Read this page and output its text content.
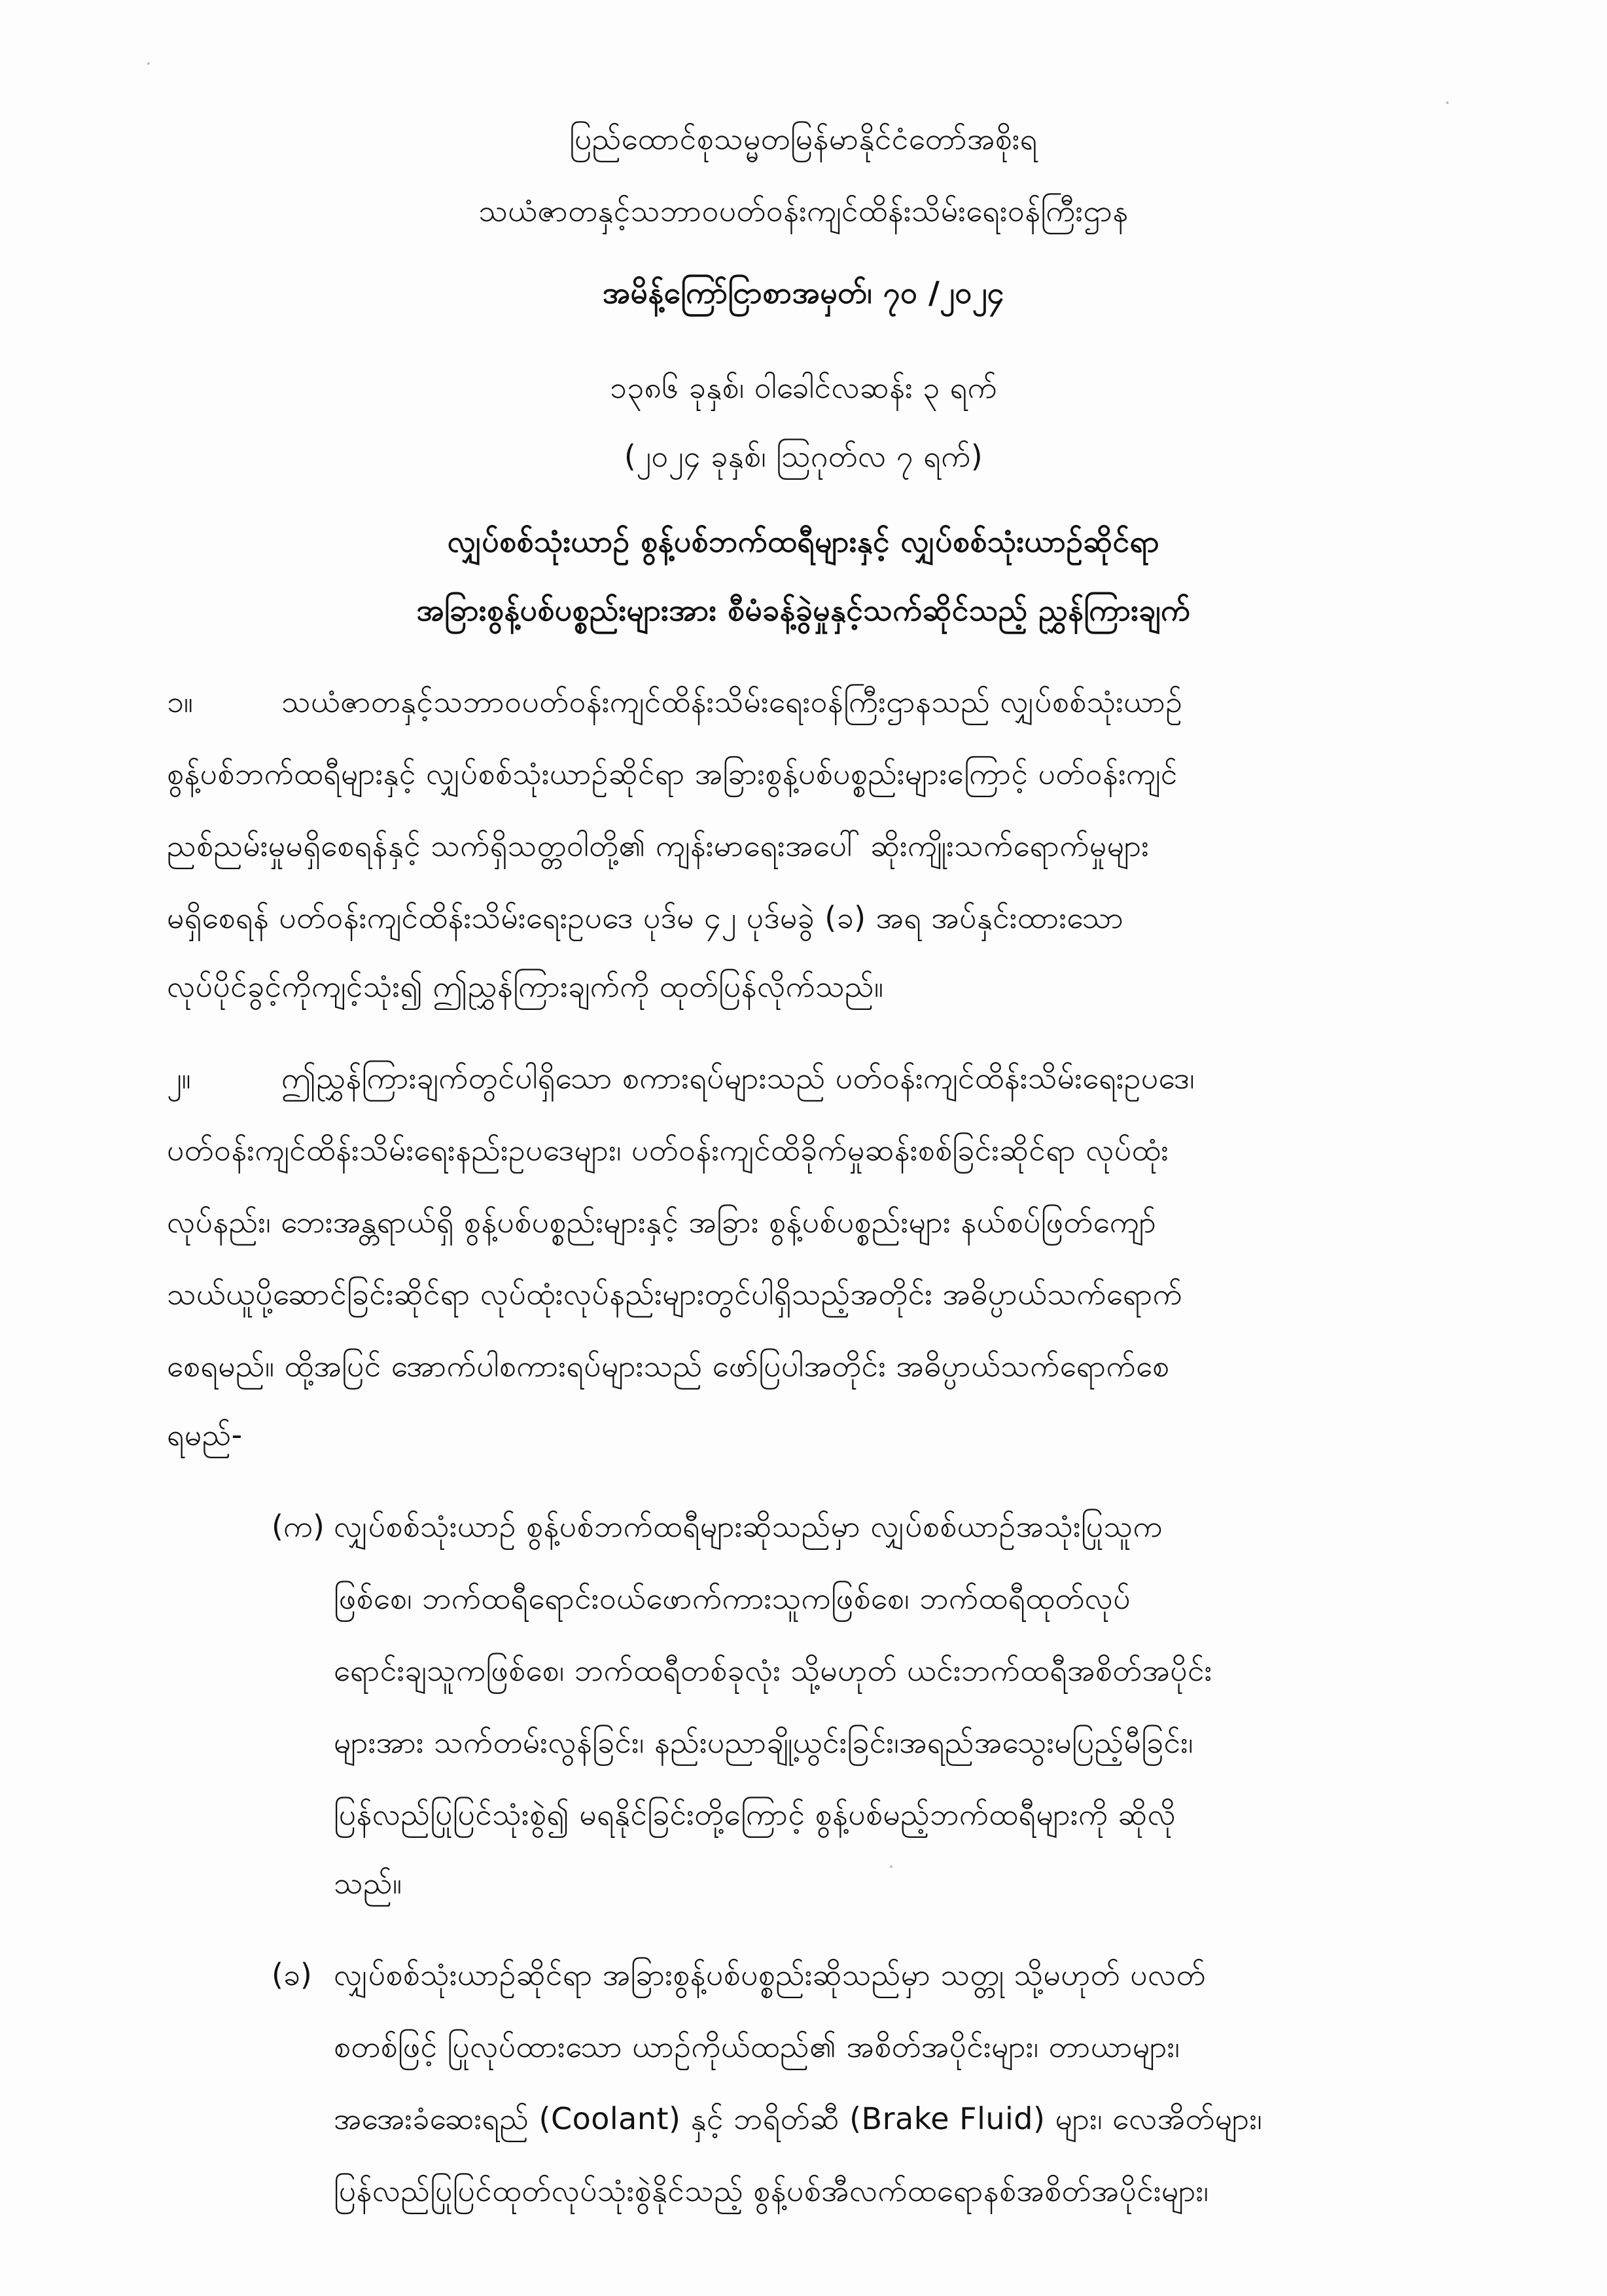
ပြည်ထောင်စုသမ္မတမြန်မာနိုင်ငံတော်အစိုးရ
သယံဇာတနှင့်သဘာဝပတ်ဝန်းကျင်ထိန်းသိမ်းရေးဝန်ကြီးဌာန
အမိန့်ကြော်ငြာစာအမှတ်၊ ၇၀ /၂၀၂၄
၁၃၈၆ ခုနှစ်၊ ဝါခေါင်လဆန်း ၃ ရက်
(၂၀၂၄ ခုနှစ်၊ ဩဂုတ်လ ၇ ရက်)
လျှပ်စစ်သုံးယာဉ် စွန့်ပစ်ဘက်ထရီများနှင့် လျှပ်စစ်သုံးယာဉ်ဆိုင်ရာ
အခြားစွန့်ပစ်ပစ္စည်းများအား စီမံခန့်ခွဲမှုနှင့်သက်ဆိုင်သည့် ညွှန်ကြားချက်
၁။	သယံဇာတနှင့်သဘာဝပတ်ဝန်းကျင်ထိန်းသိမ်းရေးဝန်ကြီးဌာနသည် လျှပ်စစ်သုံးယာဉ်
စွန့်ပစ်ဘက်ထရီများနှင့် လျှပ်စစ်သုံးယာဉ်ဆိုင်ရာ အခြားစွန့်ပစ်ပစ္စည်းများကြောင့် ပတ်ဝန်းကျင်
ညစ်ညမ်းမှုမရှိစေရန်နှင့် သက်ရှိသတ္တဝါတို့၏ ကျန်းမာရေးအပေါ် ဆိုးကျိုးသက်ရောက်မှုများ
မရှိစေရန် ပတ်ဝန်းကျင်ထိန်းသိမ်းရေးဥပဒေ ပုဒ်မ ၄၂ ပုဒ်မခွဲ (ခ) အရ အပ်နှင်းထားသော
လုပ်ပိုင်ခွင့်ကိုကျင့်သုံး၍ ဤညွှန်ကြားချက်ကို ထုတ်ပြန်လိုက်သည်။
၂။	ဤညွှန်ကြားချက်တွင်ပါရှိသော စကားရပ်များသည် ပတ်ဝန်းကျင်ထိန်းသိမ်းရေးဥပဒေ၊
ပတ်ဝန်းကျင်ထိန်းသိမ်းရေးနည်းဥပဒေများ၊ ပတ်ဝန်းကျင်ထိခိုက်မှုဆန်းစစ်ခြင်းဆိုင်ရာ လုပ်ထုံး
လုပ်နည်း၊ ဘေးအန္တရာယ်ရှိ စွန့်ပစ်ပစ္စည်းများနှင့် အခြား စွန့်ပစ်ပစ္စည်းများ နယ်စပ်ဖြတ်ကျော်
သယ်ယူပို့ဆောင်ခြင်းဆိုင်ရာ လုပ်ထုံးလုပ်နည်းများတွင်ပါရှိသည့်အတိုင်း အဓိပ္ပာယ်သက်ရောက်
စေရမည်။ ထို့အပြင် အောက်ပါစကားရပ်များသည် ဖော်ပြပါအတိုင်း အဓိပ္ပာယ်သက်ရောက်စေ
ရမည်-
(က) လျှပ်စစ်သုံးယာဉ် စွန့်ပစ်ဘက်ထရီများဆိုသည်မှာ လျှပ်စစ်ယာဉ်အသုံးပြုသူက
ဖြစ်စေ၊ ဘက်ထရီရောင်းဝယ်ဖောက်ကားသူကဖြစ်စေ၊ ဘက်ထရီထုတ်လုပ်
ရောင်းချသူကဖြစ်စေ၊ ဘက်ထရီတစ်ခုလုံး သို့မဟုတ် ယင်းဘက်ထရီအစိတ်အပိုင်း
များအား သက်တမ်းလွန်ခြင်း၊ နည်းပညာချို့ယွင်းခြင်း၊အရည်အသွေးမပြည့်မီခြင်း၊
ပြန်လည်ပြုပြင်သုံးစွဲ၍ မရနိုင်ခြင်းတို့ကြောင့် စွန့်ပစ်မည့်ဘက်ထရီများကို ဆိုလို
သည်။
(ခ) လျှပ်စစ်သုံးယာဉ်ဆိုင်ရာ အခြားစွန့်ပစ်ပစ္စည်းဆိုသည်မှာ သတ္တု သို့မဟုတ် ပလတ်
စတစ်ဖြင့် ပြုလုပ်ထားသော ယာဉ်ကိုယ်ထည်၏ အစိတ်အပိုင်းများ၊ တာယာများ၊
အအေးခံဆေးရည် (Coolant) နှင့် ဘရိတ်ဆီ (Brake Fluid) များ၊ လေအိတ်များ၊
ပြန်လည်ပြုပြင်ထုတ်လုပ်သုံးစွဲနိုင်သည့် စွန့်ပစ်အီလက်ထရောနစ်အစိတ်အပိုင်းများ၊
